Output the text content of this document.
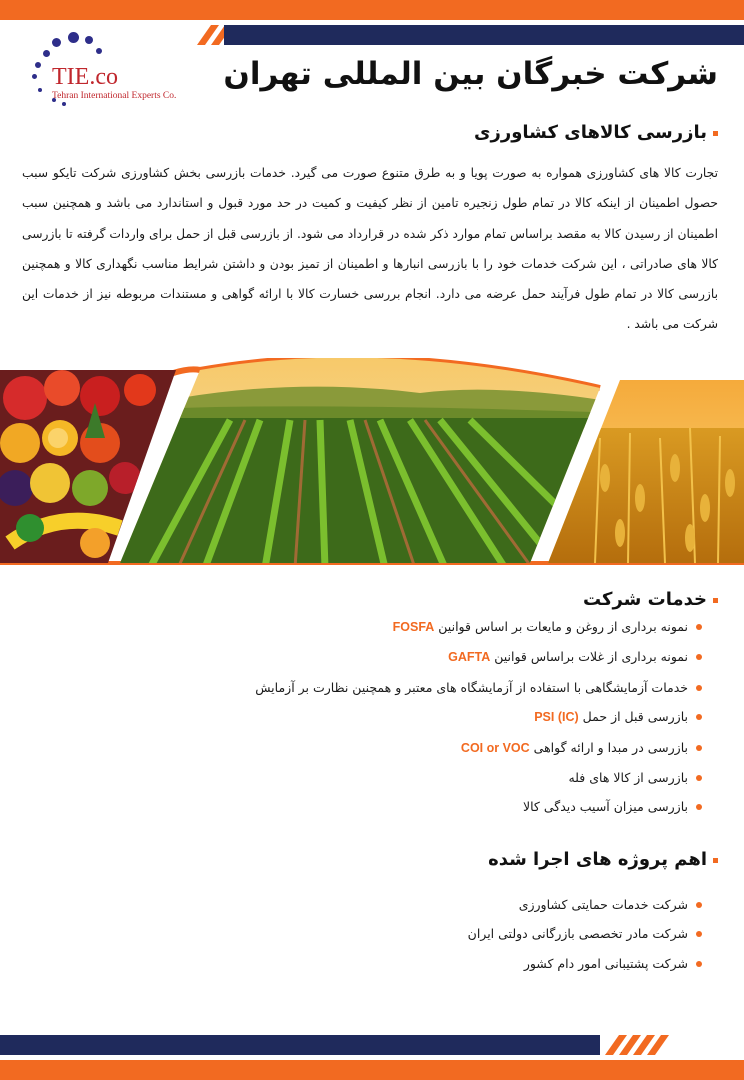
TIE.co
Tehran International Experts Co.
شرکت خبرگان بین المللی تهران
بازرسی کالاهای کشاورزی
تجارت کالا های کشاورزی همواره به صورت پویا و به طرق متنوع صورت می گیرد. خدمات بازرسی بخش کشاورزی شرکت تایکو سبب حصول اطمینان از اینکه کالا در تمام طول زنجیره تامین از نظر کیفیت و کمیت در حد مورد قبول و استاندارد می باشد و همچنین سبب اطمینان از رسیدن کالا به مقصد براساس تمام موارد ذکر شده در قرارداد می شود. از بازرسی قبل از حمل برای واردات گرفته تا بازرسی کالا های صادراتی ، این شرکت خدمات خود را با بازرسی انبارها و اطمینان از تمیز بودن و داشتن شرایط مناسب نگهداری کالا و همچنین بازرسی کالا در تمام طول فرآیند حمل عرضه می دارد. انجام بررسی خسارت کالا با ارائه گواهی و مستندات مربوطه نیز از خدمات این شرکت می باشد .
خدمات شرکت
نمونه برداری از روغن و مایعات بر اساس قوانین FOSFA
نمونه برداری از غلات براساس قوانین GAFTA
خدمات آزمایشگاهی با استفاده از آزمایشگاه های معتبر و همچنین نظارت بر آزمایش
بازرسی قبل از حمل (IC) PSI
بازرسی در مبدا و ارائه گواهی COI or VOC
بازرسی از کالا های فله
بازرسی میزان آسیب دیدگی کالا
اهم پروژه های اجرا شده
شرکت خدمات حمایتی کشاورزی
شرکت مادر تخصصی بازرگانی دولتی ایران
شرکت پشتیبانی امور دام کشور
